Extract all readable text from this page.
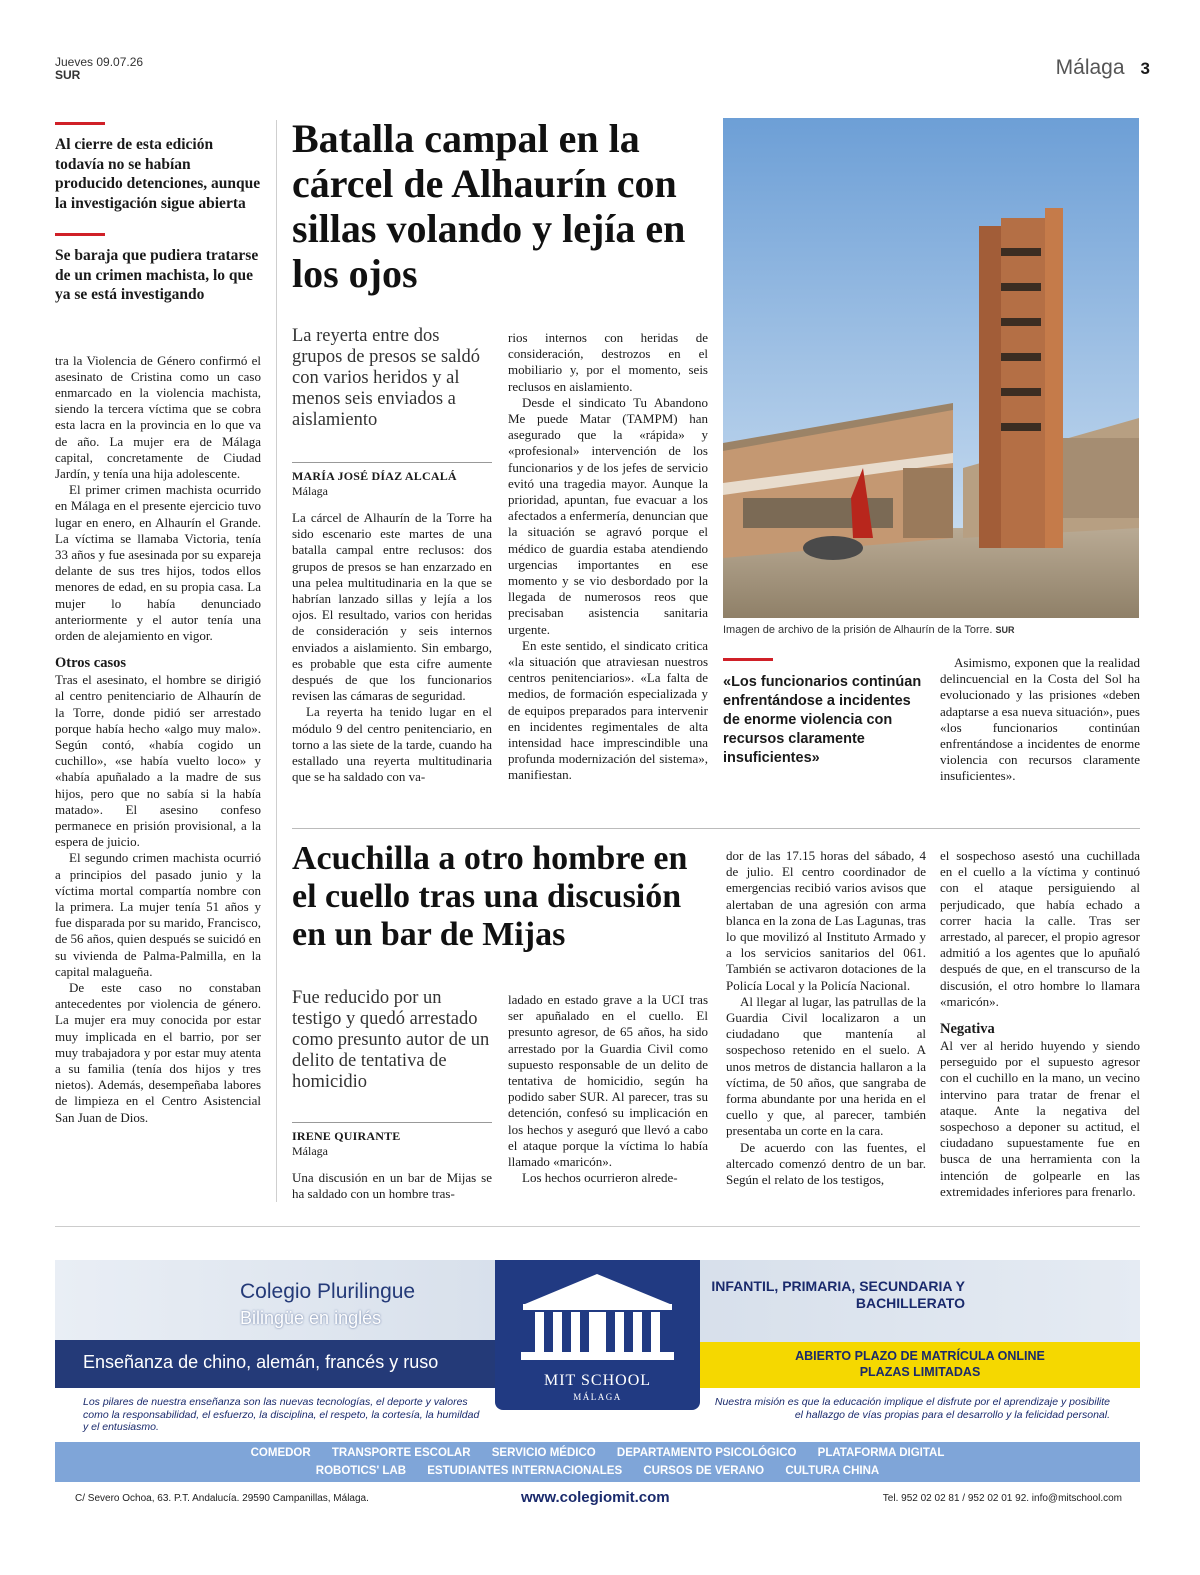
Jueves 09.07.26
SUR	Málaga 3
Al cierre de esta edición todavía no se habían producido detenciones, aunque la investigación sigue abierta
Se baraja que pudiera tratarse de un crimen machista, lo que ya se está investigando

tra la Violencia de Género confirmó el asesinato de Cristina como un caso enmarcado en la violencia machista, siendo la tercera víctima que se cobra esta lacra en la provincia en lo que va de año. La mujer era de Málaga capital, concretamente de Ciudad Jardín, y tenía una hija adolescente.

El primer crimen machista ocurrido en Málaga en el presente ejercicio tuvo lugar en enero, en Alhaurín el Grande. La víctima se llamaba Victoria, tenía 33 años y fue asesinada por su expareja delante de sus tres hijos, todos ellos menores de edad, en su propia casa. La mujer lo había denunciado anteriormente y el autor tenía una orden de alejamiento en vigor.

Otros casos

Tras el asesinato, el hombre se dirigió al centro penitenciario de Alhaurín de la Torre, donde pidió ser arrestado porque había hecho «algo muy malo». Según contó, «había cogido un cuchillo», «se había vuelto loco» y «había apuñalado a la madre de sus hijos, pero que no sabía si la había matado». El asesino confeso permanece en prisión provisional, a la espera de juicio.

El segundo crimen machista ocurrió a principios del pasado junio y la víctima mortal compartía nombre con la primera. La mujer tenía 51 años y fue disparada por su marido, Francisco, de 56 años, quien después se suicidó en su vivienda de Palma-Palmilla, en la capital malagueña.

De este caso no constaban antecedentes por violencia de género. La mujer era muy conocida por estar muy implicada en el barrio, por ser muy trabajadora y por estar muy atenta a su familia (tenía dos hijos y tres nietos). Además, desempeñaba labores de limpieza en el Centro Asistencial San Juan de Dios.

Batalla campal en la cárcel de Alhaurín con sillas volando y lejía en los ojos
La reyerta entre dos grupos de presos se saldó con varios heridos y al menos seis enviados a aislamiento
MARÍA JOSÉ DÍAZ ALCALÁ
Málaga

La cárcel de Alhaurín de la Torre ha sido escenario este martes de una batalla campal entre reclusos: dos grupos de presos se han enzarzado en una pelea multitudinaria en la que se habrían lanzado sillas y lejía a los ojos. El resultado, varios con heridas de consideración y seis internos enviados a aislamiento. Sin embargo, es probable que esta cifre aumente después de que los funcionarios revisen las cámaras de seguridad.

La reyerta ha tenido lugar en el módulo 9 del centro penitenciario, en torno a las siete de la tarde, cuando ha estallado una reyerta multitudinaria que se ha saldado con va-

rios internos con heridas de consideración, destrozos en el mobiliario y, por el momento, seis reclusos en aislamiento.

Desde el sindicato Tu Abandono Me puede Matar (TAMPM) han asegurado que la «rápida» y «profesional» intervención de los funcionarios y de los jefes de servicio evitó una tragedia mayor. Aunque la prioridad, apuntan, fue evacuar a los afectados a enfermería, denuncian que la situación se agravó porque el médico de guardia estaba atendiendo urgencias importantes en ese momento y se vio desbordado por la llegada de numerosos reos que precisaban asistencia sanitaria urgente.

En este sentido, el sindicato critica «la situación que atraviesan nuestros centros penitenciarios». «La falta de medios, de formación especializada y de equipos preparados para intervenir en incidentes regimentales de alta intensidad hace imprescindible una profunda modernización del sistema», manifiestan.

Imagen de archivo de la prisión de Alhaurín de la Torre. SUR
«Los funcionarios continúan enfrentándose a incidentes de enorme violencia con recursos claramente insuficientes»

Asimismo, exponen que la realidad delincuencial en la Costa del Sol ha evolucionado y las prisiones «deben adaptarse a esa nueva situación», pues «los funcionarios continúan enfrentándose a incidentes de enorme violencia con recursos claramente insuficientes».

Acuchilla a otro hombre en el cuello tras una discusión en un bar de Mijas
Fue reducido por un testigo y quedó arrestado como presunto autor de un delito de tentativa de homicidio
IRENE QUIRANTE
Málaga

Una discusión en un bar de Mijas se ha saldado con un hombre tras-

ladado en estado grave a la UCI tras ser apuñalado en el cuello. El presunto agresor, de 65 años, ha sido arrestado por la Guardia Civil como supuesto responsable de un delito de tentativa de homicidio, según ha podido saber SUR. Al parecer, tras su detención, confesó su implicación en los hechos y aseguró que llevó a cabo el ataque porque la víctima lo había llamado «maricón».

Los hechos ocurrieron alrede-

dor de las 17.15 horas del sábado, 4 de julio. El centro coordinador de emergencias recibió varios avisos que alertaban de una agresión con arma blanca en la zona de Las Lagunas, tras lo que movilizó al Instituto Armado y a los servicios sanitarios del 061. También se activaron dotaciones de la Policía Local y la Policía Nacional.

Al llegar al lugar, las patrullas de la Guardia Civil localizaron a un ciudadano que mantenía al sospechoso retenido en el suelo. A unos metros de distancia hallaron a la víctima, de 50 años, que sangraba de forma abundante por una herida en el cuello y que, al parecer, también presentaba un corte en la cara.

De acuerdo con las fuentes, el altercado comenzó dentro de un bar. Según el relato de los testigos,

el sospechoso asestó una cuchillada en el cuello a la víctima y continuó con el ataque persiguiendo al perjudicado, que había echado a correr hacia la calle. Tras ser arrestado, al parecer, el propio agresor admitió a los agentes que lo apuñaló después de que, en el transcurso de la discusión, el otro hombre lo llamara «maricón».

Negativa

Al ver al herido huyendo y siendo perseguido por el supuesto agresor con el cuchillo en la mano, un vecino intervino para tratar de frenar el ataque. Ante la negativa del sospechoso a deponer su actitud, el ciudadano supuestamente fue en busca de una herramienta con la intención de golpearle en las extremidades inferiores para frenarlo.

Colegio Plurilingue
Bilingüe en inglés
Enseñanza de chino, alemán, francés y ruso
INFANTIL, PRIMARIA, SECUNDARIA Y BACHILLERATO
ABIERTO PLAZO DE MATRÍCULA ONLINE
PLAZAS LIMITADAS
MIT SCHOOL
MÁLAGA
Los pilares de nuestra enseñanza son las nuevas tecnologías, el deporte y valores como la responsabilidad, el esfuerzo, la disciplina, el respeto, la cortesía, la humildad y el entusiasmo.
Nuestra misión es que la educación implique el disfrute por el aprendizaje y posibilite el hallazgo de vías propias para el desarrollo y la felicidad personal.
COMEDOR TRANSPORTE ESCOLAR SERVICIO MÉDICO DEPARTAMENTO PSICOLÓGICO PLATAFORMA DIGITAL
ROBOTICS' LAB ESTUDIANTES INTERNACIONALES CURSOS DE VERANO CULTURA CHINA
C/ Severo Ochoa, 63. P.T. Andalucía. 29590 Campanillas, Málaga.	www.colegiomit.com	Tel. 952 02 02 81 / 952 02 01 92. info@mitschool.com
